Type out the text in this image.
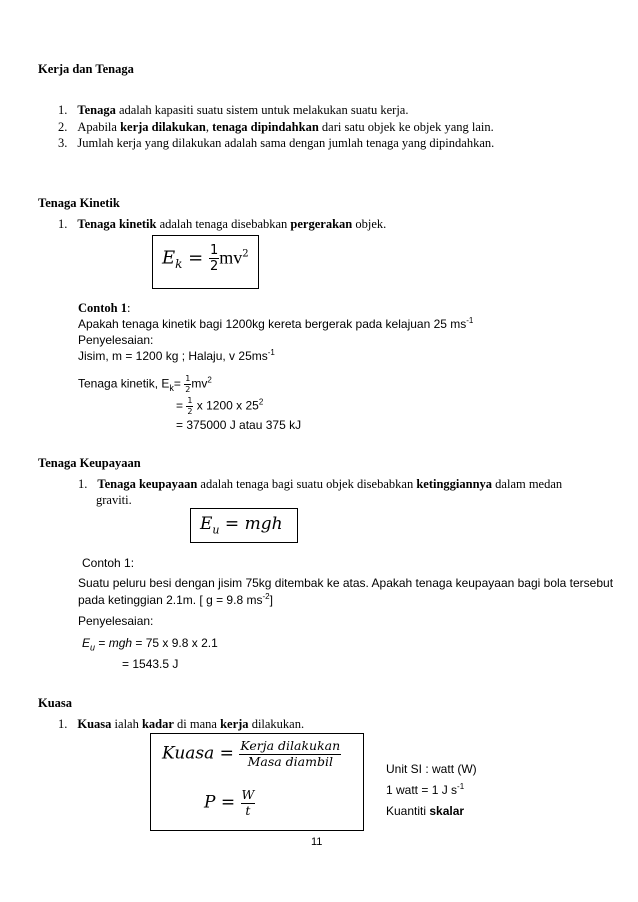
Kerja dan Tenaga
1. Tenaga adalah kapasiti suatu sistem untuk melakukan suatu kerja.
2. Apabila kerja dilakukan, tenaga dipindahkan dari satu objek ke objek yang lain.
3. Jumlah kerja yang dilakukan adalah sama dengan jumlah tenaga yang dipindahkan.
Tenaga Kinetik
1. Tenaga kinetik adalah tenaga disebabkan pergerakan objek.
$E_k = \frac{1}{2} mv^2$
Contoh 1:
Apakah tenaga kinetik bagi 1200kg kereta bergerak pada kelajuan 25 $ms^{-1}$
Penyelesaian:
Jisim, m = 1200 kg ; Halaju, v $25ms^{-1}$
Tenaga kinetik, $E_k= \frac{1}{2} mv^2$
= $\frac{1}{2}$ x 1200 x $25^2$
= 375000 J atau 375 kJ
Tenaga Keupayaan
1. Tenaga keupayaan adalah tenaga bagi suatu objek disebabkan ketinggiannya dalam medan
graviti.
$E_u$ = mgh
Contoh 1:
Suatu peluru besi dengan jisim 75kg ditembak ke atas. Apakah tenaga keupayaan bagi bola tersebut
pada ketinggian 2.1m. [ g = 9.8 $ms^{-2}$]
Penyelesaian:
$E_u$ = mgh = 75 x 9.8 x 2.1
= 1543.5 J
Kuasa
1. Kuasa ialah kadar di mana kerja dilakukan.
Kuasa = $\frac{\text{Kerja dilakukan}}{\text{Masa diambil}}$
$P = \frac{W}{t}$
Unit SI : watt (W)
1 watt = 1 J $s^{-1}$
Kuantiti skalar
11
